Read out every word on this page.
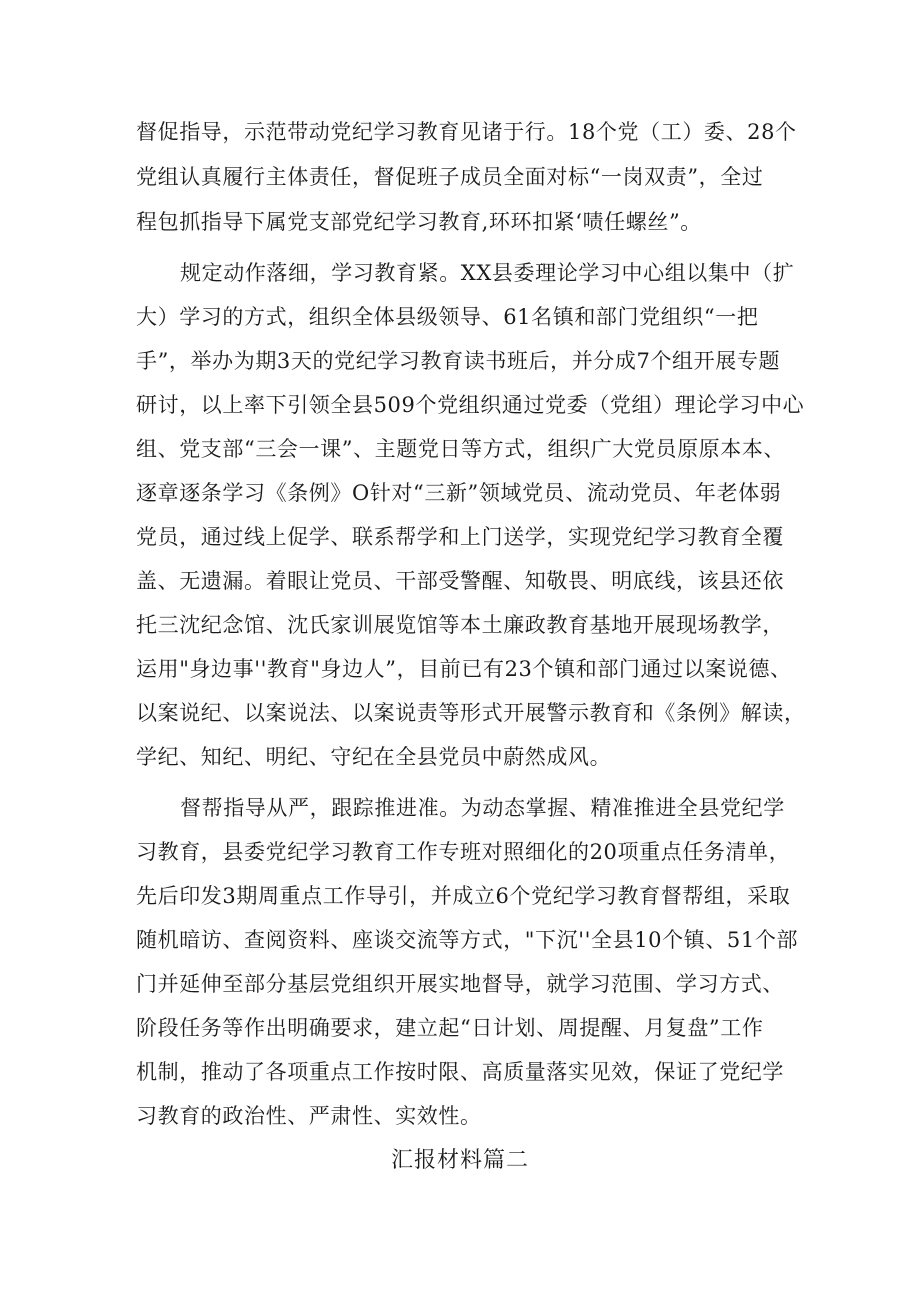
督促指导，示范带动党纪学习教育见诸于行。18个党（工）委、28个
党组认真履行主体责任，督促班子成员全面对标“一岗双责”，全过
程包抓指导下属党支部党纪学习教育,环环扣紧‘啧任螺丝”。
规定动作落细，学习教育紧。XX县委理论学习中心组以集中（扩
大）学习的方式，组织全体县级领导、61名镇和部门党组织“一把
手”，举办为期3天的党纪学习教育读书班后，并分成7个组开展专题
研讨，以上率下引领全县509个党组织通过党委（党组）理论学习中心
组、党支部“三会一课”、主题党日等方式，组织广大党员原原本本、
逐章逐条学习《条例》O针对“三新”领域党员、流动党员、年老体弱
党员，通过线上促学、联系帮学和上门送学，实现党纪学习教育全覆
盖、无遗漏。着眼让党员、干部受警醒、知敬畏、明底线，该县还依
托三沈纪念馆、沈氏家训展览馆等本土廉政教育基地开展现场教学，
运用"身边事''教育"身边人”，目前已有23个镇和部门通过以案说德、
以案说纪、以案说法、以案说责等形式开展警示教育和《条例》解读，
学纪、知纪、明纪、守纪在全县党员中蔚然成风。
督帮指导从严，跟踪推进准。为动态掌握、精准推进全县党纪学
习教育，县委党纪学习教育工作专班对照细化的20项重点任务清单，
先后印发3期周重点工作导引，并成立6个党纪学习教育督帮组，采取
随机暗访、查阅资料、座谈交流等方式，"下沉''全县10个镇、51个部
门并延伸至部分基层党组织开展实地督导，就学习范围、学习方式、
阶段任务等作出明确要求，建立起“日计划、周提醒、月复盘”工作
机制，推动了各项重点工作按时限、高质量落实见效，保证了党纪学
习教育的政治性、严肃性、实效性。
汇报材料篇二
